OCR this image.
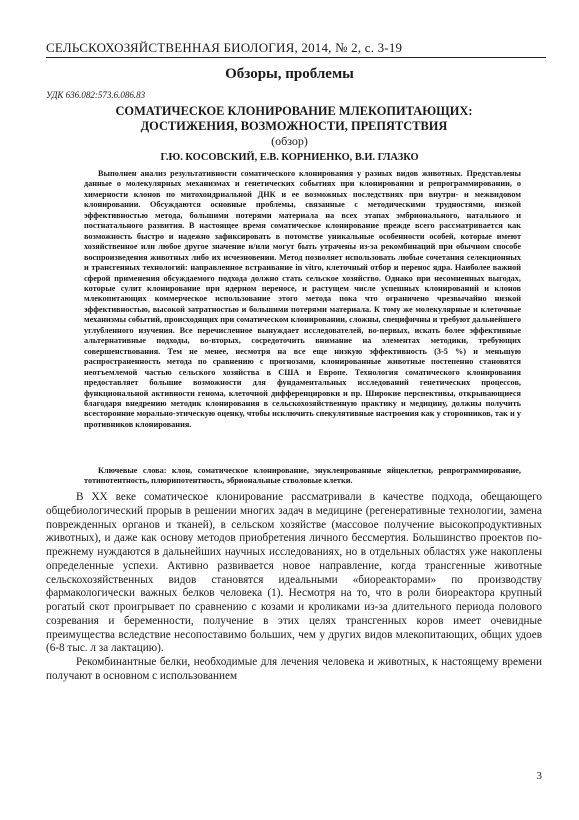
СЕЛЬСКОХОЗЯЙСТВЕННАЯ БИОЛОГИЯ, 2014, № 2, с. 3-19
Обзоры, проблемы
УДК 636.082:573.6.086.83
СОМАТИЧЕСКОЕ КЛОНИРОВАНИЕ МЛЕКОПИТАЮЩИХ:
ДОСТИЖЕНИЯ, ВОЗМОЖНОСТИ, ПРЕПЯТСТВИЯ
(обзор)
Г.Ю. КОСОВСКИЙ, Е.В. КОРНИЕНКО, В.И. ГЛАЗКО

Выполнен анализ результативности соматического клонирования у разных видов животных. Представлены данные о молекулярных механизмах и генетических событиях при клонировании и репрограммировании, о химерности клонов по митохондриальной ДНК и ее возможных последствиях при внутри- и межвидовом клонировании. Обсуждаются основные проблемы, связанные с методическими трудностями, низкой эффективностью метода, большими потерями материала на всех этапах эмбрионального, натального и постнатального развития. В настоящее время соматическое клонирование прежде всего рассматривается как возможность быстро и надежно зафиксировать в потомстве уникальные особенности особей, которые имеют хозяйственное или любое другое значение и/или могут быть утрачены из-за рекомбинаций при обычном способе воспроизведения животных либо их исчезновении. Метод позволяет использовать любые сочетания селекционных и трансгенных технологий: направленное встраивание in vitro, клеточный отбор и перенос ядра. Наиболее важной сферой применения обсуждаемого подхода должно стать сельское хозяйство. Однако при несомненных выгодах, которые сулит клонирование при ядерном переносе, и растущем числе успешных клонирований и клонов млекопитающих коммерческое использование этого метода пока что ограничено чрезвычайно низкой эффективностью, высокой затратностью и большими потерями материала. К тому же молекулярные и клеточные механизмы событий, происходящих при соматическом клонировании, сложны, специфичны и требуют дальнейшего углубленного изучения. Все перечисленное вынуждает исследователей, во-первых, искать более эффективные альтернативные подходы, во-вторых, сосредоточить внимание на элементах методики, требующих совершенствования. Тем не менее, несмотря на все еще низкую эффективность (3-5 %) и меньшую распространенность метода по сравнению с прогнозами, клонированные животные постепенно становятся неотъемлемой частью сельского хозяйства в США и Европе. Технология соматического клонирования предоставляет большие возможности для фундаментальных исследований генетических процессов, функциональной активности генома, клеточной дифференцировки и пр. Широкие перспективы, открывающиеся благодаря внедрению методик клонирования в сельскохозяйственную практику и медицину, должны получить всесторонние морально-этическую оценку, чтобы исключить спекулятивные настроения как у сторонников, так и у противников клонирования.

Ключевые слова: клон, соматическое клонирование, энуклеированные яйцеклетки, репрограммирование, тотипотентность, плюрипотентность, эбриональные стволовые клетки.

В XX веке соматическое клонирование рассматривали в качестве подхода, обещающего общебиологический прорыв в решении многих задач в медицине (регенеративные технологии, замена поврежденных органов и тканей), в сельском хозяйстве (массовое получение высокопродуктивных животных), и даже как основу методов приобретения личного бессмертия. Большинство проектов по-прежнему нуждаются в дальнейших научных исследованиях, но в отдельных областях уже накоплены определенные успехи. Активно развивается новое направление, когда трансгенные животные сельскохозяйственных видов становятся идеальными «биореакторами» по производству фармакологически важных белков человека (1). Несмотря на то, что в роли биореактора крупный рогатый скот проигрывает по сравнению с козами и кроликами из-за длительного периода полового созревания и беременности, получение в этих целях трансгенных коров имеет очевидные преимущества вследствие несопоставимо больших, чем у других видов млекопитающих, общих удоев (6-8 тыс. л за лактацию).

Рекомбинантные белки, необходимые для лечения человека и животных, к настоящему времени получают в основном с использованием

3
